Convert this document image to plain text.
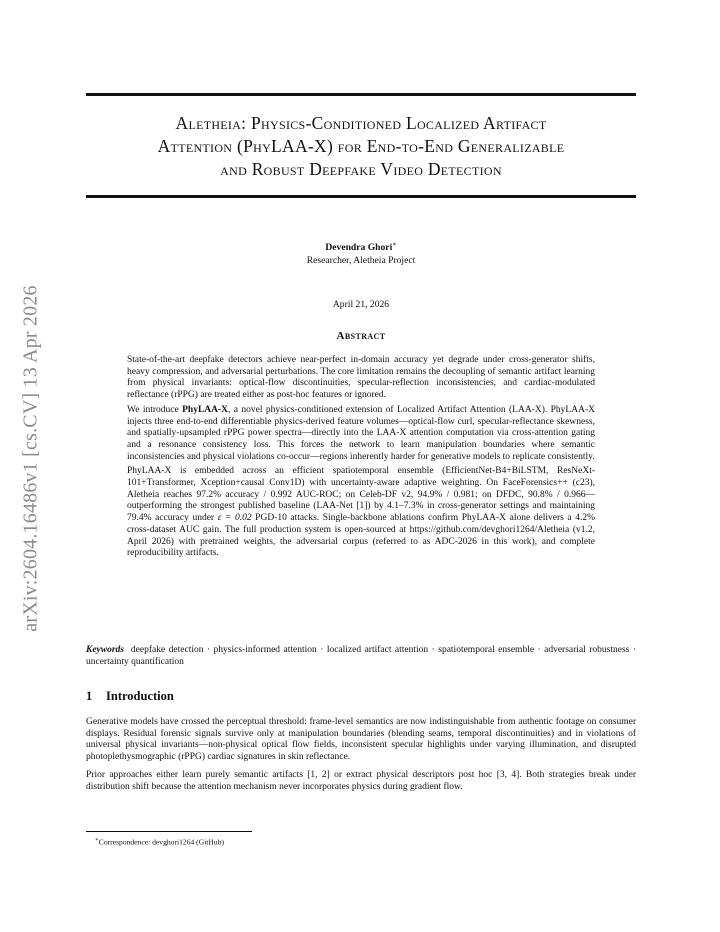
arXiv:2604.16486v1 [cs.CV] 13 Apr 2026
Aletheia: Physics-Conditioned Localized Artifact
Attention (PhyLAA-X) for End-to-End Generalizable
and Robust Deepfake Video Detection
Devendra Ghori∗
Researcher, Aletheia Project
April 21, 2026
Abstract

State-of-the-art deepfake detectors achieve near-perfect in-domain accuracy yet degrade under cross-generator shifts, heavy compression, and adversarial perturbations. The core limitation remains the decoupling of semantic artifact learning from physical invariants: optical-flow discontinuities, specular-reflection inconsistencies, and cardiac-modulated reflectance (rPPG) are treated either as post-hoc features or ignored.

We introduce PhyLAA-X, a novel physics-conditioned extension of Localized Artifact Attention (LAA-X). PhyLAA-X injects three end-to-end differentiable physics-derived feature volumes—optical-flow curl, specular-reflectance skewness, and spatially-upsampled rPPG power spectra—directly into the LAA-X attention computation via cross-attention gating and a resonance consistency loss. This forces the network to learn manipulation boundaries where semantic inconsistencies and physical violations co-occur—regions inherently harder for generative models to replicate consistently.

PhyLAA-X is embedded across an efficient spatiotemporal ensemble (EfficientNet-B4+BiLSTM, ResNeXt-101+Transformer, Xception+causal Conv1D) with uncertainty-aware adaptive weighting. On FaceForensics++ (c23), Aletheia reaches 97.2% accuracy / 0.992 AUC-ROC; on Celeb-DF v2, 94.9% / 0.981; on DFDC, 90.8% / 0.966—outperforming the strongest published baseline (LAA-Net [1]) by 4.1–7.3% in cross-generator settings and maintaining 79.4% accuracy under ε = 0.02 PGD-10 attacks. Single-backbone ablations confirm PhyLAA-X alone delivers a 4.2% cross-dataset AUC gain. The full production system is open-sourced at https://github.com/devghori1264/Aletheia (v1.2, April 2026) with pretrained weights, the adversarial corpus (referred to as ADC-2026 in this work), and complete reproducibility artifacts.

Keywords deepfake detection · physics-informed attention · localized artifact attention · spatiotemporal ensemble · adversarial robustness · uncertainty quantification
1 Introduction

Generative models have crossed the perceptual threshold: frame-level semantics are now indistinguishable from authentic footage on consumer displays. Residual forensic signals survive only at manipulation boundaries (blending seams, temporal discontinuities) and in violations of universal physical invariants—non-physical optical flow fields, inconsistent specular highlights under varying illumination, and disrupted photoplethysmographic (rPPG) cardiac signatures in skin reflectance.

Prior approaches either learn purely semantic artifacts [1, 2] or extract physical descriptors post hoc [3, 4]. Both strategies break under distribution shift because the attention mechanism never incorporates physics during gradient flow.

∗Correspondence: devghori1264 (GitHub)
